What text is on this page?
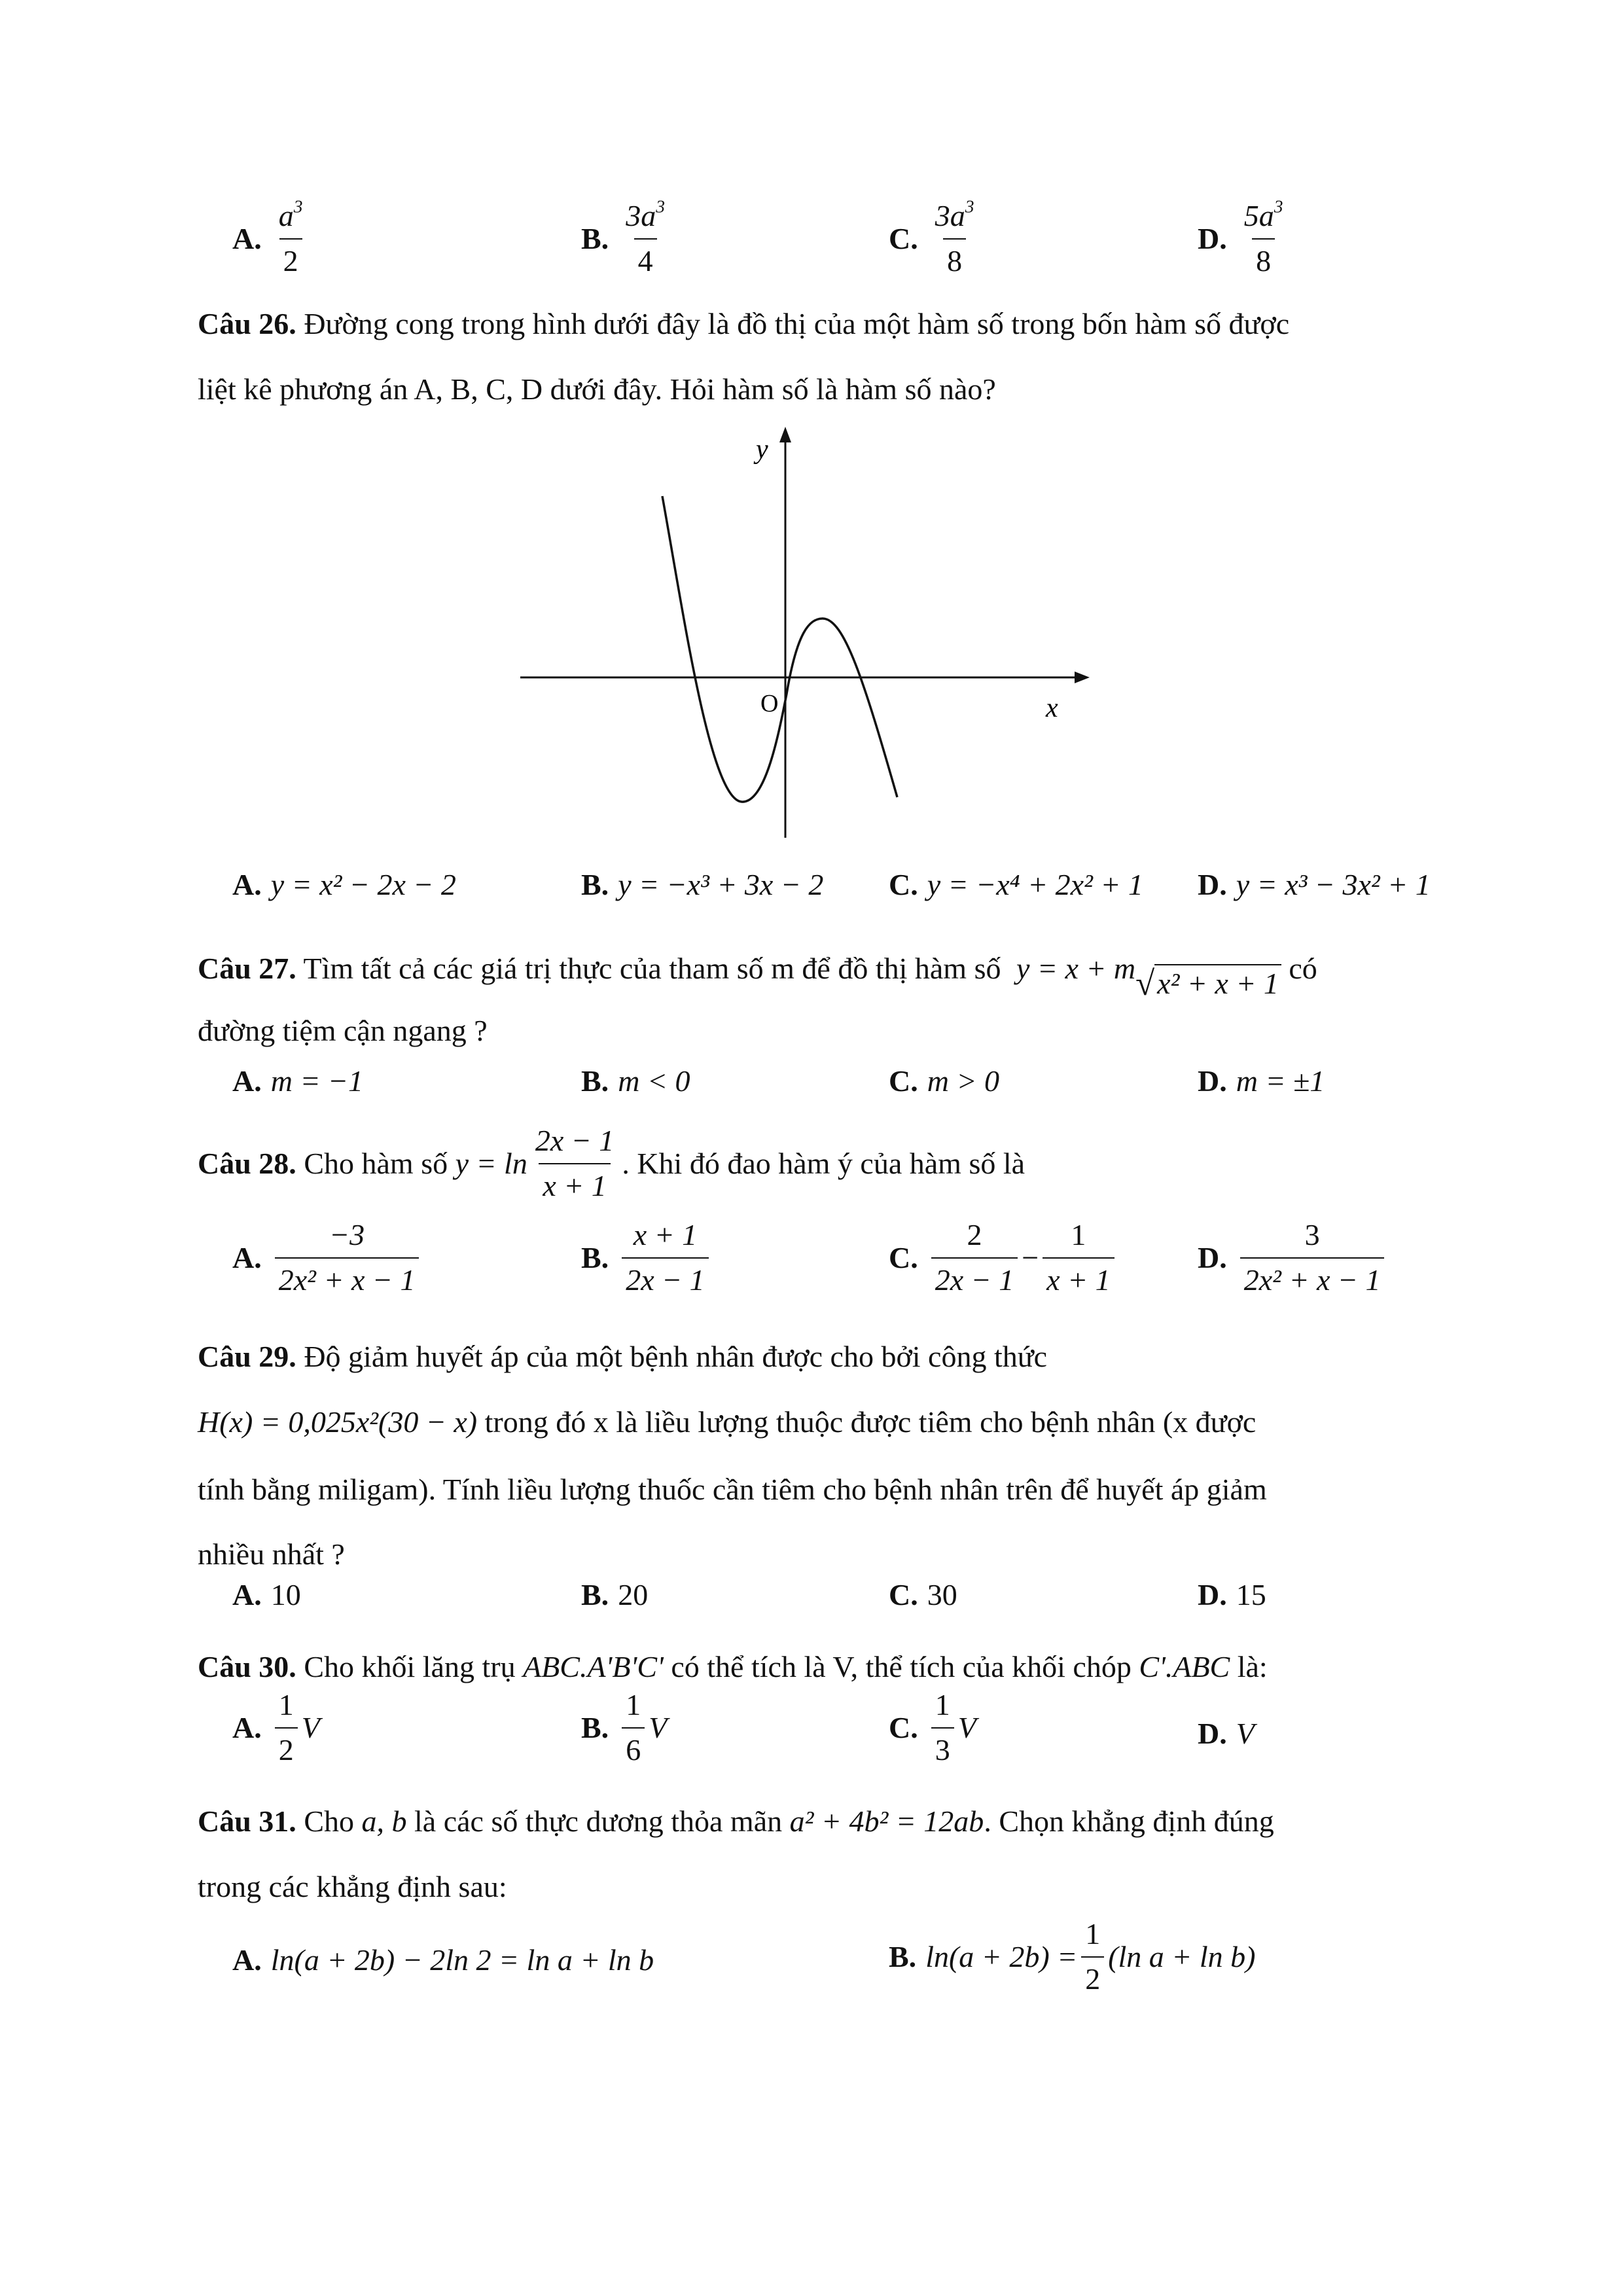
A. $\frac{a^3}{2}$	B. $\frac{3a^3}{4}$	C. $\frac{3a^3}{8}$	D. $\frac{5a^3}{8}$
Câu 26. Đường cong trong hình dưới đây là đồ thị của một hàm số trong bốn hàm số được
liệt kê phương án A, B, C, D dưới đây. Hỏi hàm số là hàm số nào?
y
x
O
A. y = x² − 2x − 2	B. y = −x³ + 3x − 2 C. y = −x⁴ + 2x² + 1 D. y = x³ − 3x² + 1
Câu 27. Tìm tất cả các giá trị thực của tham số m để đồ thị hàm số y = x + m √ x² + x + 1 có
đường tiệm cận ngang ?
A. m = −1	B. m < 0	C. m > 0	D. m = ±1
Câu 28. Cho hàm số $y = \ln \frac{2x - 1}{x + 1}$ . Khi đó đao hàm ý của hàm số là
A. $\frac{-3}{\text{2x² + x − 1}}$	B. $\frac{x + 1}{2x - 1}$	C. $\frac{2}{2x - 1} - \frac{1}{x + 1}$	D. $\frac{3}{\text{2x² + x − 1}}$
Câu 29. Độ giảm huyết áp của một bệnh nhân được cho bởi công thức
H(x) = 0,025x²(30 − x) trong đó x là liều lượng thuộc được tiêm cho bệnh nhân (x được
tính bằng miligam). Tính liều lượng thuốc cần tiêm cho bệnh nhân trên để huyết áp giảm
nhiều nhất ?
A. 10	B. 20	C. 30	D. 15
Câu 30. Cho khối lăng trụ ABC.A'B'C' có thể tích là V, thể tích của khối chóp C'.ABC là:
A. $\frac{1}{2}$ V	B. $\frac{1}{6}$ V	C. $\frac{1}{3}$ V	D. V
Câu 31. Cho a, b là các số thực dương thỏa mãn a² + 4b² = 12ab. Chọn khẳng định đúng
trong các khẳng định sau:
A. ln(a + 2b) − 2ln 2 = ln a + ln b	B. $\ln(a + 2b) = \frac{1}{2} (\ln$ a + ln b)
